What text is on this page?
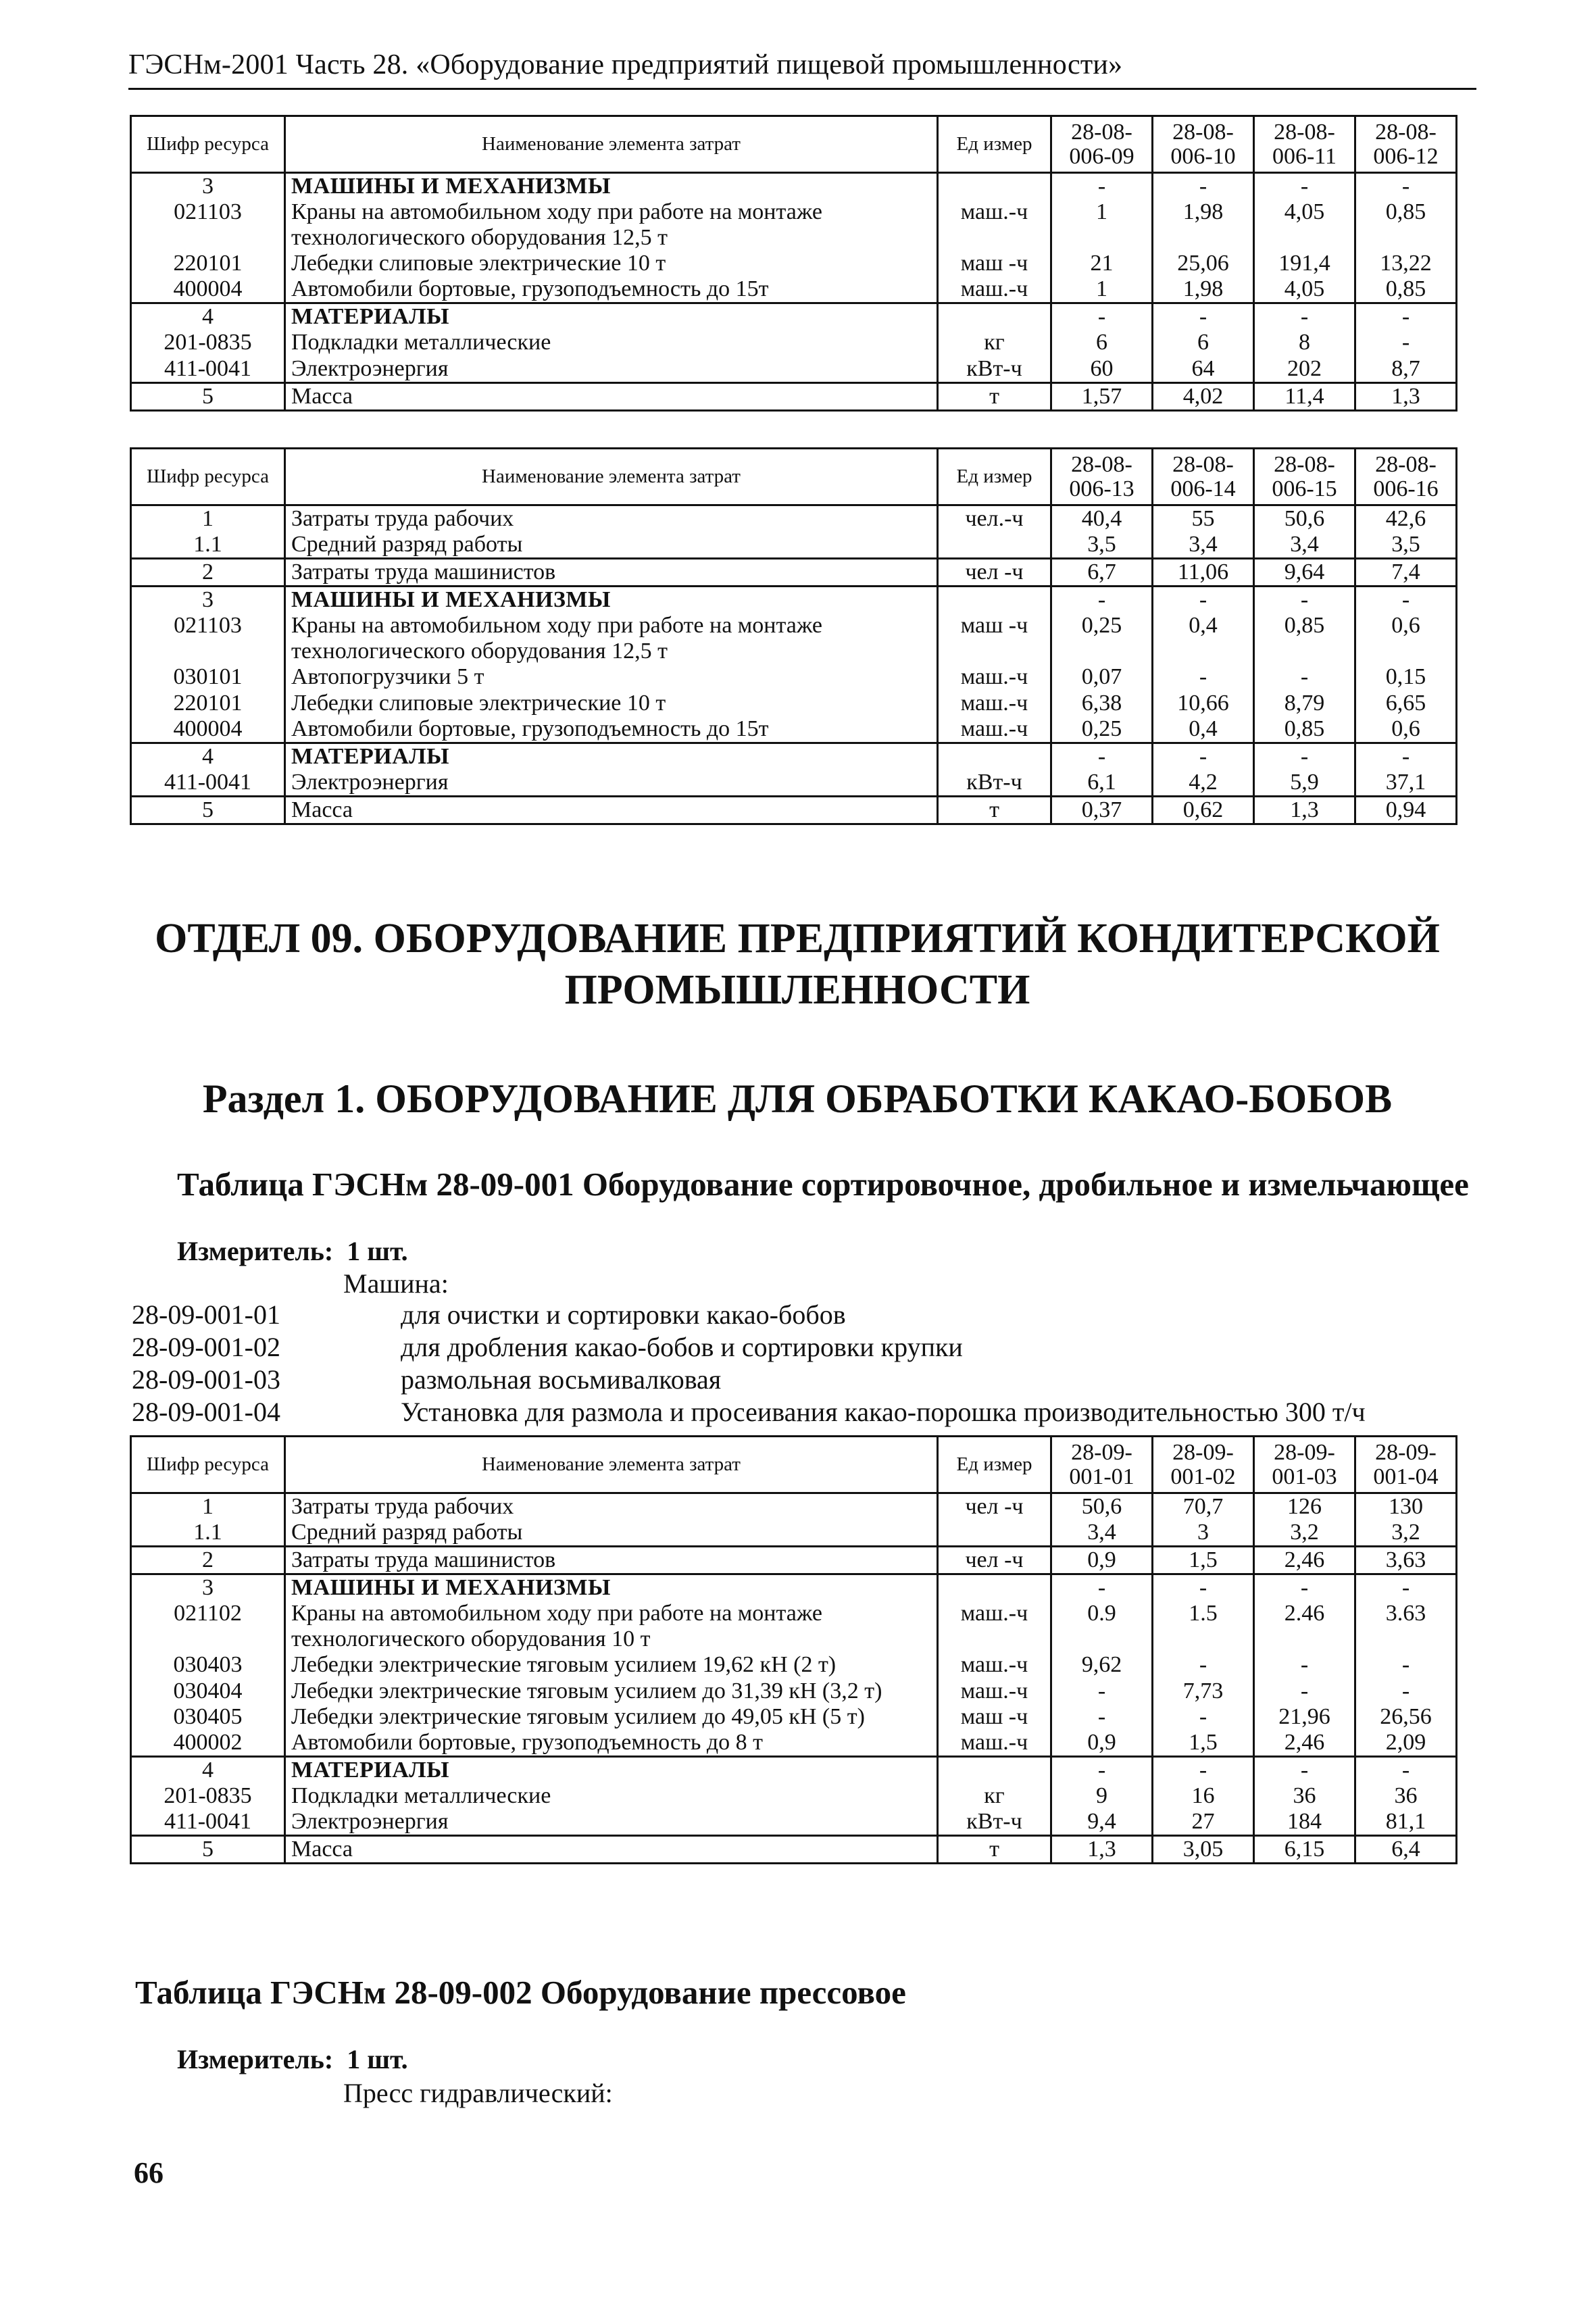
ГЭСНм-2001 Часть 28. «Оборудование предприятий пищевой промышленности»
Шифр ресурса	Наименование элемента затрат	Ед измер	28-08- 006-09	28-08- 006-10	28-08- 006-11	28-08- 006-12
3	МАШИНЫ И МЕХАНИЗМЫ		-	-	-	-
021103	Краны на автомобильном ходу при работе на монтаже технологического оборудования 12,5 т	маш.-ч	1	1,98	4,05	0,85
220101	Лебедки слиповые электрические 10 т	маш -ч	21	25,06	191,4	13,22
400004	Автомобили бортовые, грузоподъемность до 15т	маш.-ч	1	1,98	4,05	0,85
4	МАТЕРИАЛЫ		-	-	-	-
201-0835	Подкладки металлические	кг	6	6	8	-
411-0041	Электроэнергия	кВт-ч	60	64	202	8,7
5	Масса	т	1,57	4,02	11,4	1,3
Шифр ресурса	Наименование элемента затрат	Ед измер	28-08- 006-13	28-08- 006-14	28-08- 006-15	28-08- 006-16
1	Затраты труда рабочих	чел.-ч	40,4	55	50,6	42,6
1.1	Средний разряд работы		3,5	3,4	3,4	3,5
2	Затраты труда машинистов	чел -ч	6,7	11,06	9,64	7,4
3	МАШИНЫ И МЕХАНИЗМЫ		-	-	-	-
021103	Краны на автомобильном ходу при работе на монтаже технологического оборудования 12,5 т	маш -ч	0,25	0,4	0,85	0,6
030101	Автопогрузчики 5 т	маш.-ч	0,07	-	-	0,15
220101	Лебедки слиповые электрические 10 т	маш.-ч	6,38	10,66	8,79	6,65
400004	Автомобили бортовые, грузоподъемность до 15т	маш.-ч	0,25	0,4	0,85	0,6
4	МАТЕРИАЛЫ		-	-	-	-
411-0041	Электроэнергия	кВт-ч	6,1	4,2	5,9	37,1
5	Масса	т	0,37	0,62	1,3	0,94
ОТДЕЛ 09. ОБОРУДОВАНИЕ ПРЕДПРИЯТИЙ КОНДИТЕРСКОЙ ПРОМЫШЛЕННОСТИ
Раздел 1. ОБОРУДОВАНИЕ ДЛЯ ОБРАБОТКИ КАКАО-БОБОВ
Таблица ГЭСНм 28-09-001 Оборудование сортировочное, дробильное и измельчающее
Измеритель: 1 шт.
Машина:
28-09-001-01	для очистки и сортировки какао-бобов
28-09-001-02	для дробления какао-бобов и сортировки крупки
28-09-001-03	размольная восьмивалковая
28-09-001-04	Установка для размола и просеивания какао-порошка производительностью 300 т/ч
Шифр ресурса	Наименование элемента затрат	Ед измер	28-09- 001-01	28-09- 001-02	28-09- 001-03	28-09- 001-04
1	Затраты труда рабочих	чел -ч	50,6	70,7	126	130
1.1	Средний разряд работы		3,4	3	3,2	3,2
2	Затраты труда машинистов	чел -ч	0,9	1,5	2,46	3,63
3	МАШИНЫ И МЕХАНИЗМЫ		-	-	-	-
021102	Краны на автомобильном ходу при работе на монтаже технологического оборудования 10 т	маш.-ч	0.9	1.5	2.46	3.63
030403	Лебедки электрические тяговым усилием 19,62 кН (2 т)	маш.-ч	9,62	-	-	-
030404	Лебедки электрические тяговым усилием до 31,39 кН (3,2 т)	маш.-ч	-	7,73	-	-
030405	Лебедки электрические тяговым усилием до 49,05 кН (5 т)	маш -ч	-	-	21,96	26,56
400002	Автомобили бортовые, грузоподъемность до 8 т	маш.-ч	0,9	1,5	2,46	2,09
4	МАТЕРИАЛЫ		-	-	-	-
201-0835	Подкладки металлические	кг	9	16	36	36
411-0041	Электроэнергия	кВт-ч	9,4	27	184	81,1
5	Масса	т	1,3	3,05	6,15	6,4
Таблица ГЭСНм 28-09-002 Оборудование прессовое
Измеритель: 1 шт.
Пресс гидравлический:
66
